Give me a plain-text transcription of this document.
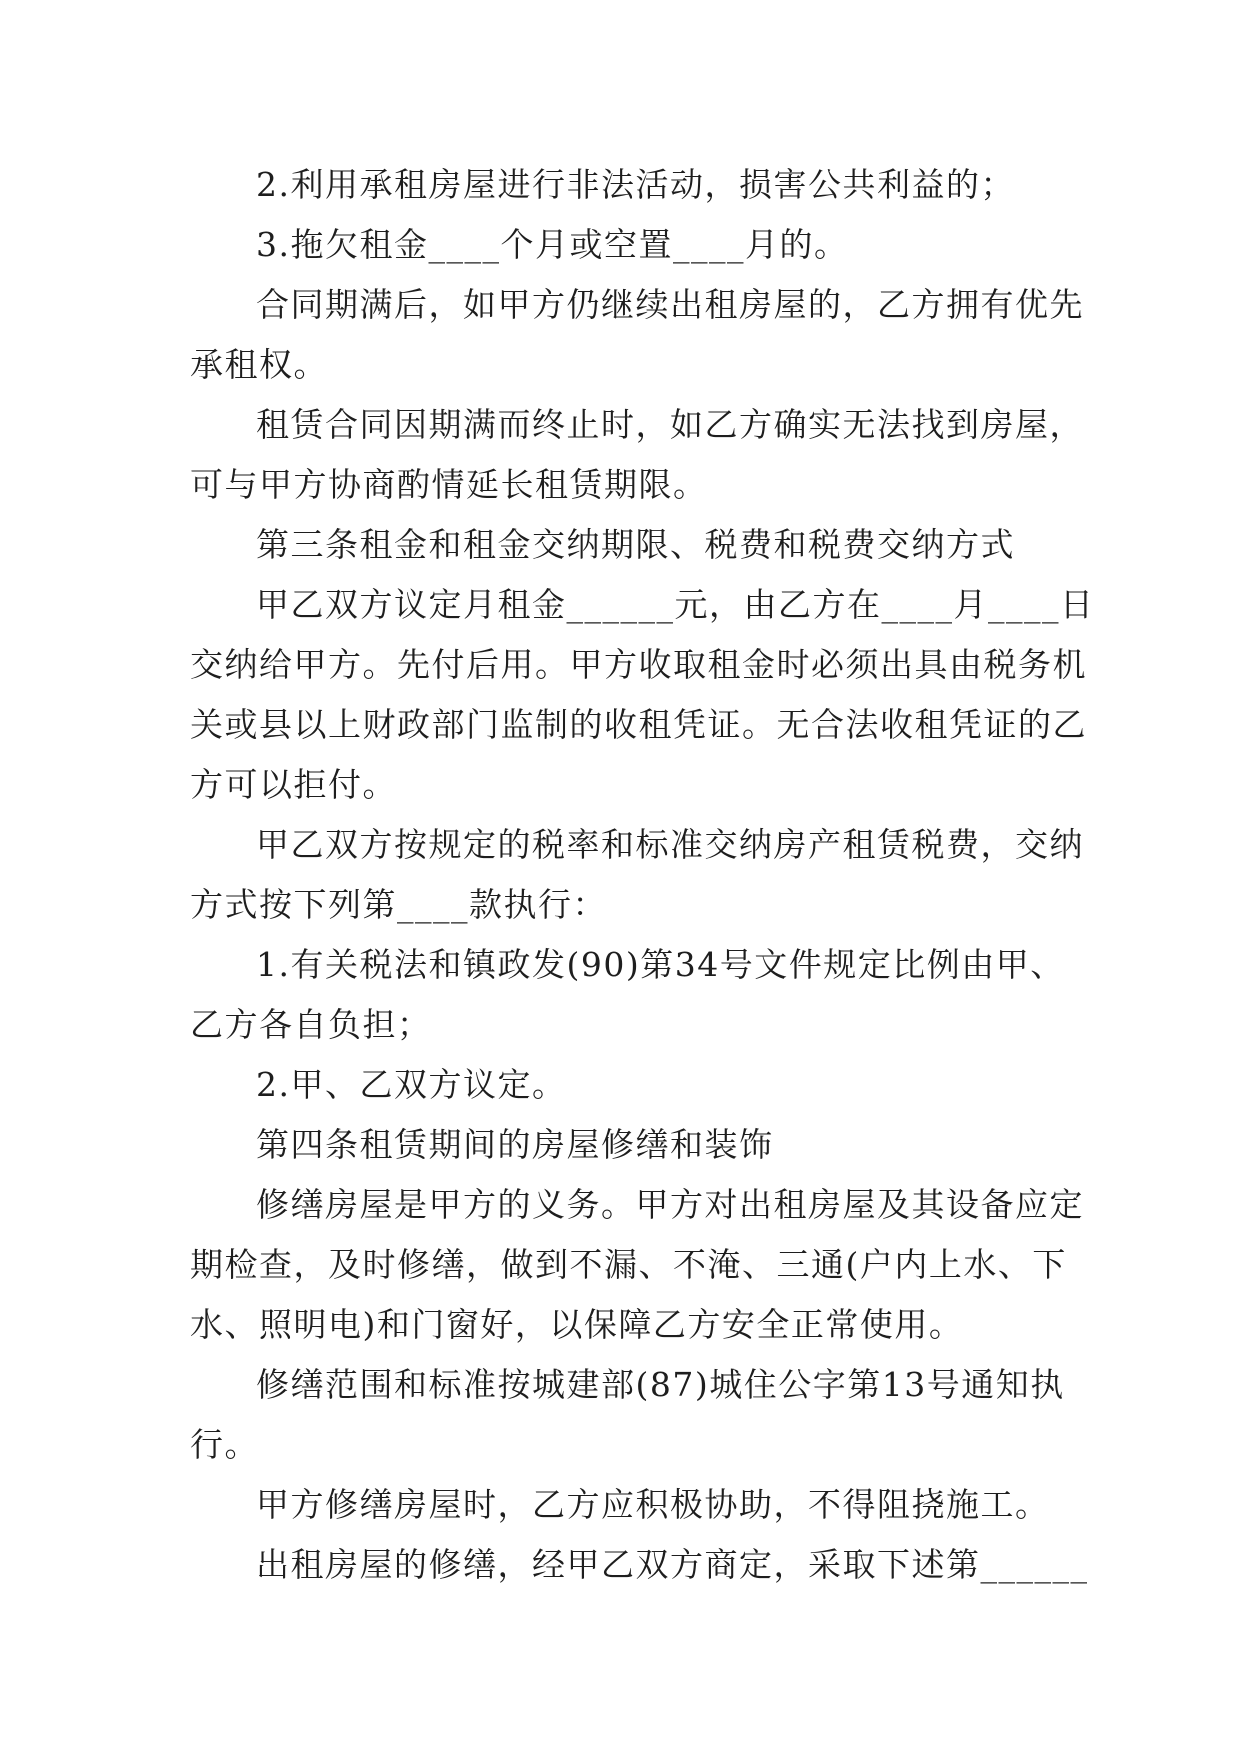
2.利用承租房屋进行非法活动，损害公共利益的；
3.拖欠租金____个月或空置____月的。
合同期满后，如甲方仍继续出租房屋的，乙方拥有优先
承租权。
租赁合同因期满而终止时，如乙方确实无法找到房屋，
可与甲方协商酌情延长租赁期限。
第三条租金和租金交纳期限、税费和税费交纳方式
甲乙双方议定月租金______元，由乙方在____月____日
交纳给甲方。先付后用。甲方收取租金时必须出具由税务机
关或县以上财政部门监制的收租凭证。无合法收租凭证的乙
方可以拒付。
甲乙双方按规定的税率和标准交纳房产租赁税费，交纳
方式按下列第____款执行：
1.有关税法和镇政发(90)第34号文件规定比例由甲、
乙方各自负担；
2.甲、乙双方议定。
第四条租赁期间的房屋修缮和装饰
修缮房屋是甲方的义务。甲方对出租房屋及其设备应定
期检查，及时修缮，做到不漏、不淹、三通(户内上水、下
水、照明电)和门窗好，以保障乙方安全正常使用。
修缮范围和标准按城建部(87)城住公字第13号通知执
行。
甲方修缮房屋时，乙方应积极协助，不得阻挠施工。
出租房屋的修缮，经甲乙双方商定，采取下述第______
